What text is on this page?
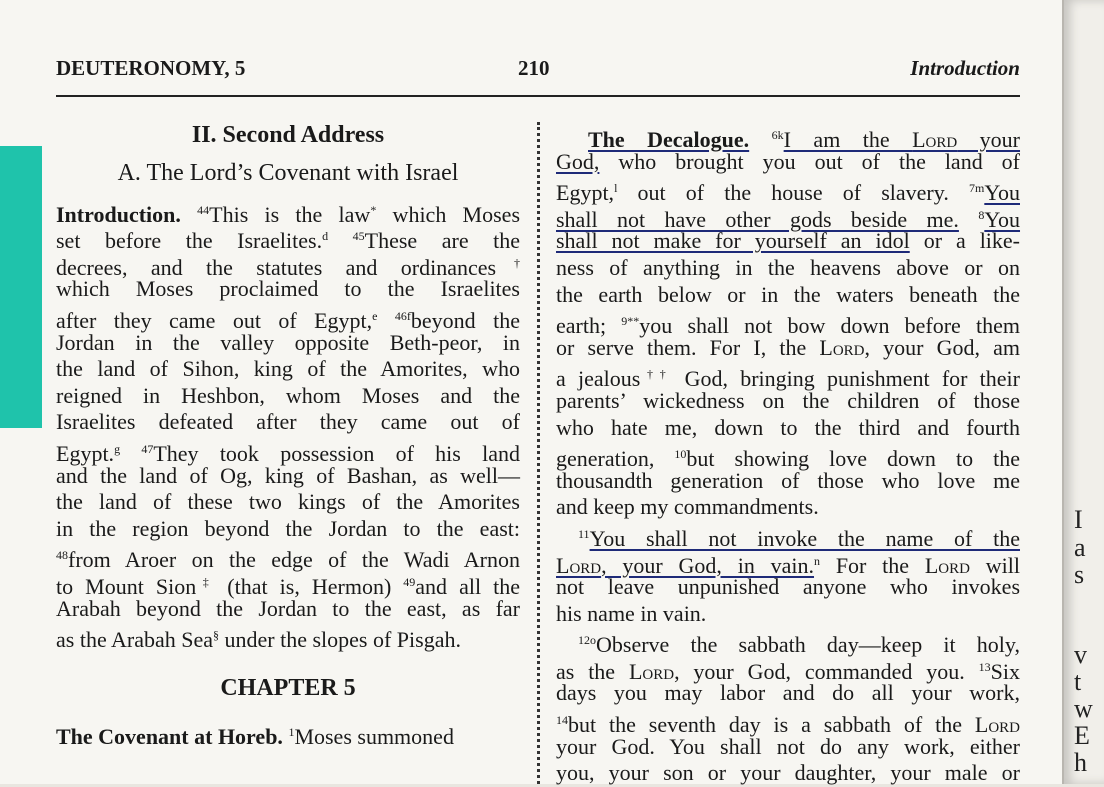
DEUTERONOMY, 5	210	Introduction
II. Second Address
A. The Lord’s Covenant with Israel
Introduction. $^{44}$This is the law* which Moses
set before the Israelites.$^d$ $^{45}$These are the
decrees, and the statutes and ordinances†
which Moses proclaimed to the Israelites
after they came out of Egypt,$^e$ $^{46f}$beyond the
Jordan in the valley opposite Beth-peor, in
the land of Sihon, king of the Amorites, who
reigned in Heshbon, whom Moses and the
Israelites defeated after they came out of
Egypt.$^g$ $^{47}$They took possession of his land
and the land of Og, king of Bashan, as well—
the land of these two kings of the Amorites
in the region beyond the Jordan to the east:
$^{48}$from Aroer on the edge of the Wadi Arnon
to Mount Sion‡ (that is, Hermon) $^{49}$and all the
Arabah beyond the Jordan to the east, as far
as the Arabah Sea§ under the slopes of Pisgah.
CHAPTER 5
The Covenant at Horeb. $^1$Moses summoned
The Decalogue. $^{6k}$I am the Lord your
God, who brought you out of the land of
Egypt,$^l$ out of the house of slavery. $^{7m}$You
shall not have other gods beside me. $^8$You
shall not make for yourself an idol or a like-
ness of anything in the heavens above or on
the earth below or in the waters beneath the
earth; $^{9**}$you shall not bow down before them
or serve them. For I, the Lord, your God, am
a jealous†† God, bringing punishment for their
parents’ wickedness on the children of those
who hate me, down to the third and fourth
generation, $^{10}$but showing love down to the
thousandth generation of those who love me
and keep my commandments.
$^{11}$You shall not invoke the name of the
Lord, your God, in vain.$^n$ For the Lord will
not leave unpunished anyone who invokes
his name in vain.
$^{12o}$Observe the sabbath day—keep it holy,
as the Lord, your God, commanded you. $^{13}$Six
days you may labor and do all your work,
$^{14}$but the seventh day is a sabbath of the Lord
your God. You shall not do any work, either
you, your son or your daughter, your male or
I
a
s
v
t
w
E
h
